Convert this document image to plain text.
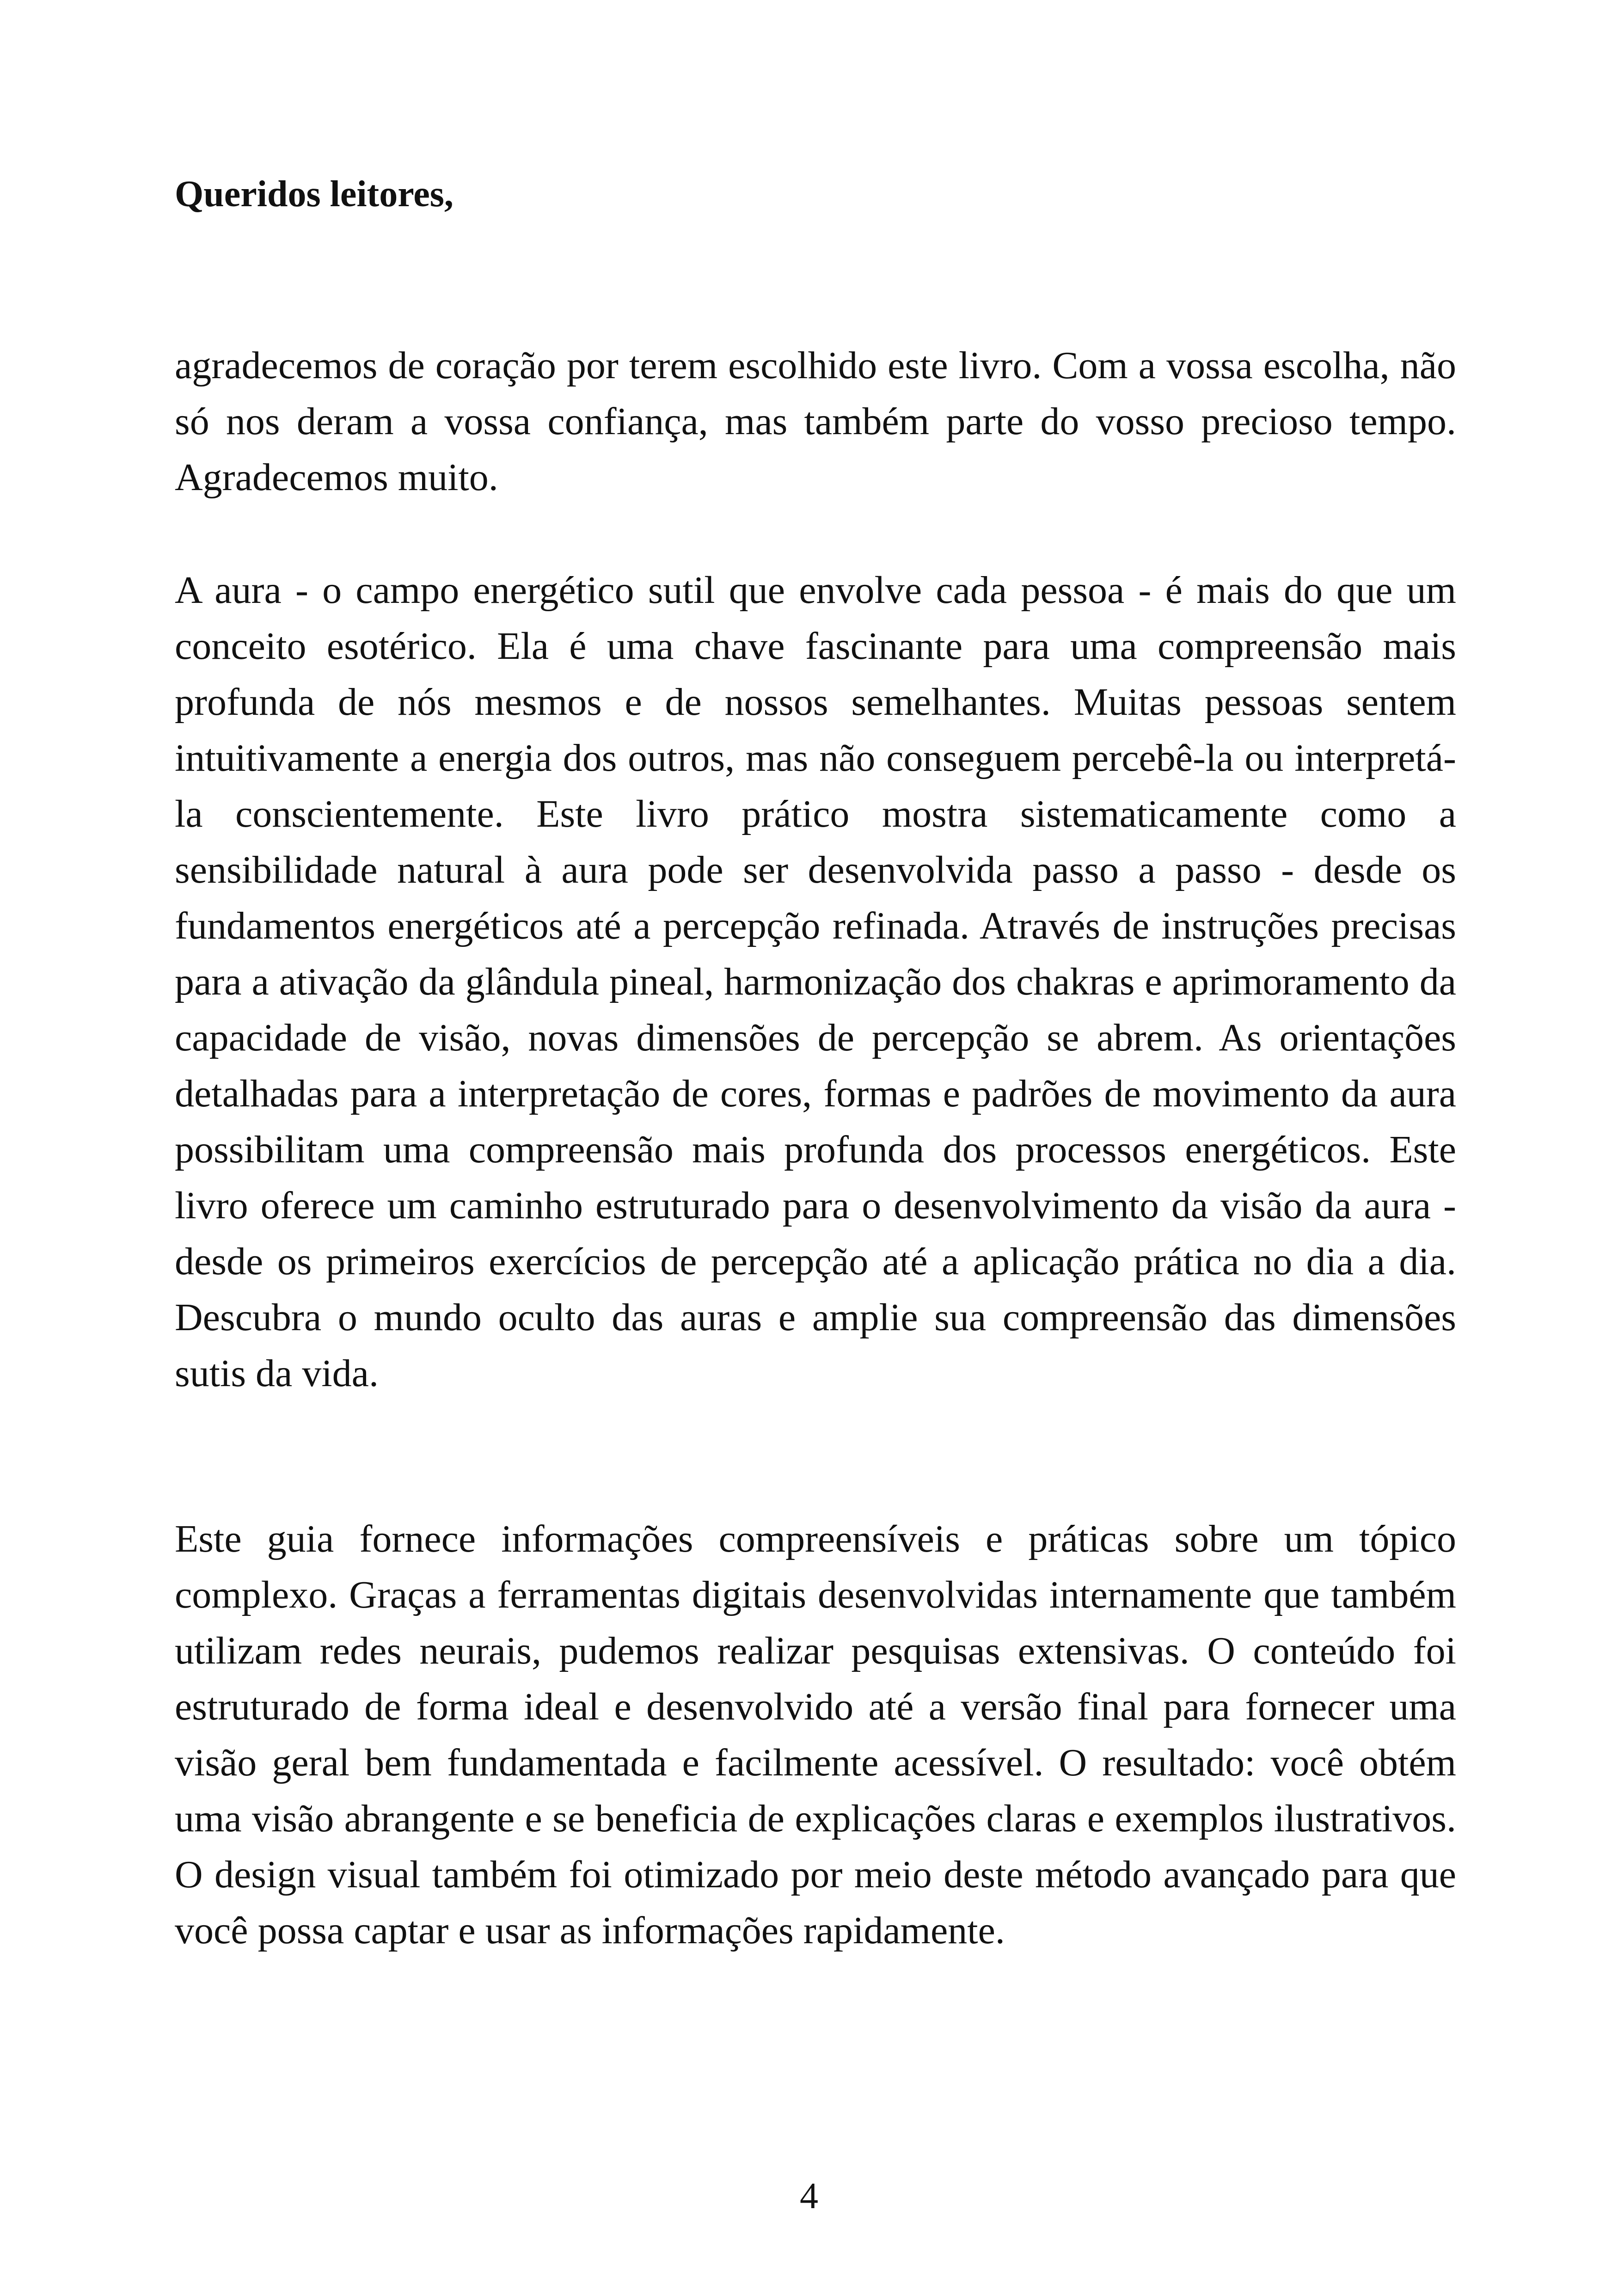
Queridos leitores,

agradecemos de coração por terem escolhido este livro. Com a vossa escolha, não só nos deram a vossa confiança, mas também parte do vosso precioso tempo. Agradecemos muito.

A aura - o campo energético sutil que envolve cada pessoa - é mais do que um conceito esotérico. Ela é uma chave fascinante para uma compreensão mais profunda de nós mesmos e de nossos semelhantes. Muitas pessoas sentem intuitivamente a energia dos outros, mas não conseguem percebê-la ou interpretá-la conscientemente. Este livro prático mostra sistematicamente como a sensibilidade natural à aura pode ser desenvolvida passo a passo - desde os fundamentos energéticos até a percepção refinada. Através de instruções precisas para a ativação da glândula pineal, harmonização dos chakras e aprimoramento da capacidade de visão, novas dimensões de percepção se abrem. As orientações detalhadas para a interpretação de cores, formas e padrões de movimento da aura possibilitam uma compreensão mais profunda dos processos energéticos. Este livro oferece um caminho estruturado para o desenvolvimento da visão da aura - desde os primeiros exercícios de percepção até a aplicação prática no dia a dia. Descubra o mundo oculto das auras e amplie sua compreensão das dimensões sutis da vida.

Este guia fornece informações compreensíveis e práticas sobre um tópico complexo. Graças a ferramentas digitais desenvolvidas internamente que também utilizam redes neurais, pudemos realizar pesquisas extensivas. O conteúdo foi estruturado de forma ideal e desenvolvido até a versão final para fornecer uma visão geral bem fundamentada e facilmente acessível. O resultado: você obtém uma visão abrangente e se beneficia de explicações claras e exemplos ilustrativos. O design visual também foi otimizado por meio deste método avançado para que você possa captar e usar as informações rapidamente.

4
